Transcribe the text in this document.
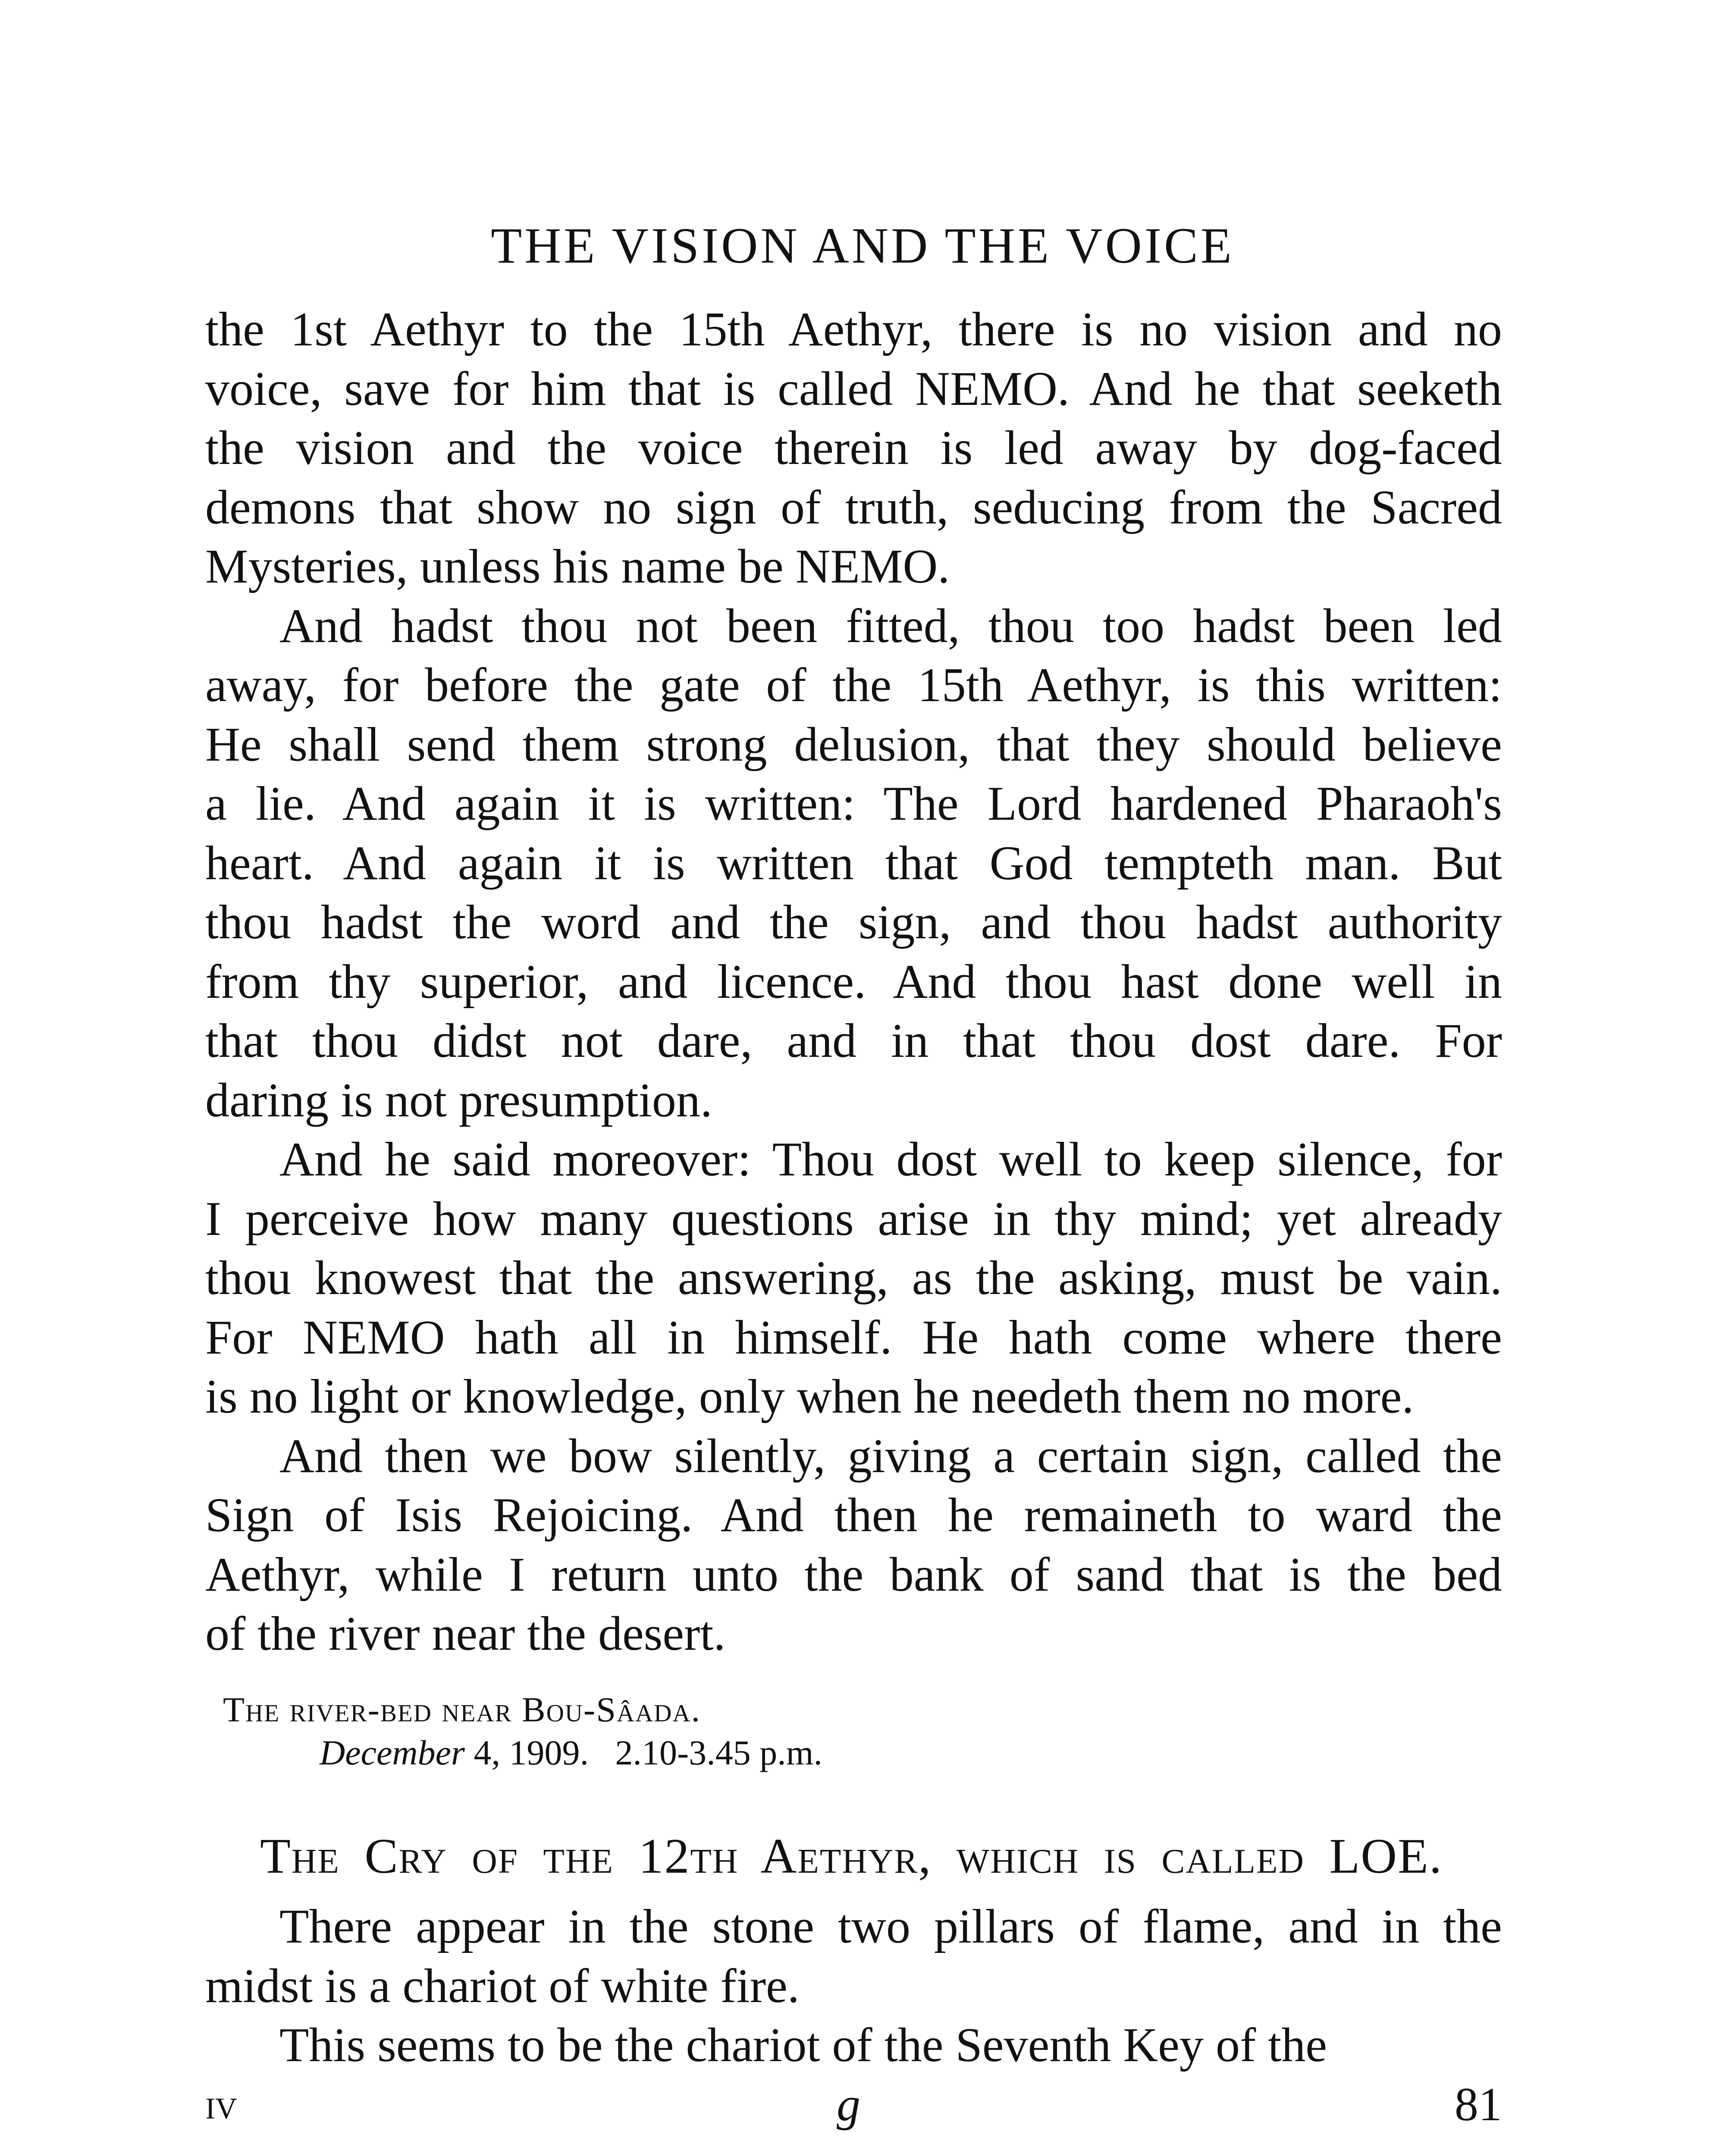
THE VISION AND THE VOICE
the 1st Aethyr to the 15th Aethyr, there is no vision and no
voice, save for him that is called NEMO. And he that seeketh
the vision and the voice therein is led away by dog-faced
demons that show no sign of truth, seducing from the Sacred
Mysteries, unless his name be NEMO.
And hadst thou not been fitted, thou too hadst been led
away, for before the gate of the 15th Aethyr, is this written:
He shall send them strong delusion, that they should believe
a lie. And again it is written: The Lord hardened Pharaoh's
heart. And again it is written that God tempteth man. But
thou hadst the word and the sign, and thou hadst authority
from thy superior, and licence. And thou hast done well in
that thou didst not dare, and in that thou dost dare. For
daring is not presumption.
And he said moreover: Thou dost well to keep silence, for
I perceive how many questions arise in thy mind; yet already
thou knowest that the answering, as the asking, must be vain.
For NEMO hath all in himself. He hath come where there
is no light or knowledge, only when he needeth them no more.
And then we bow silently, giving a certain sign, called the
Sign of Isis Rejoicing. And then he remaineth to ward the
Aethyr, while I return unto the bank of sand that is the bed
of the river near the desert.
The river-bed near Bou-Sâada.
December 4, 1909.   2.10-3.45 p.m.
The Cry of the 12th Aethyr, which is called LOE.
There appear in the stone two pillars of flame, and in the
midst is a chariot of white fire.
This seems to be the chariot of the Seventh Key of the
iv	g	81
